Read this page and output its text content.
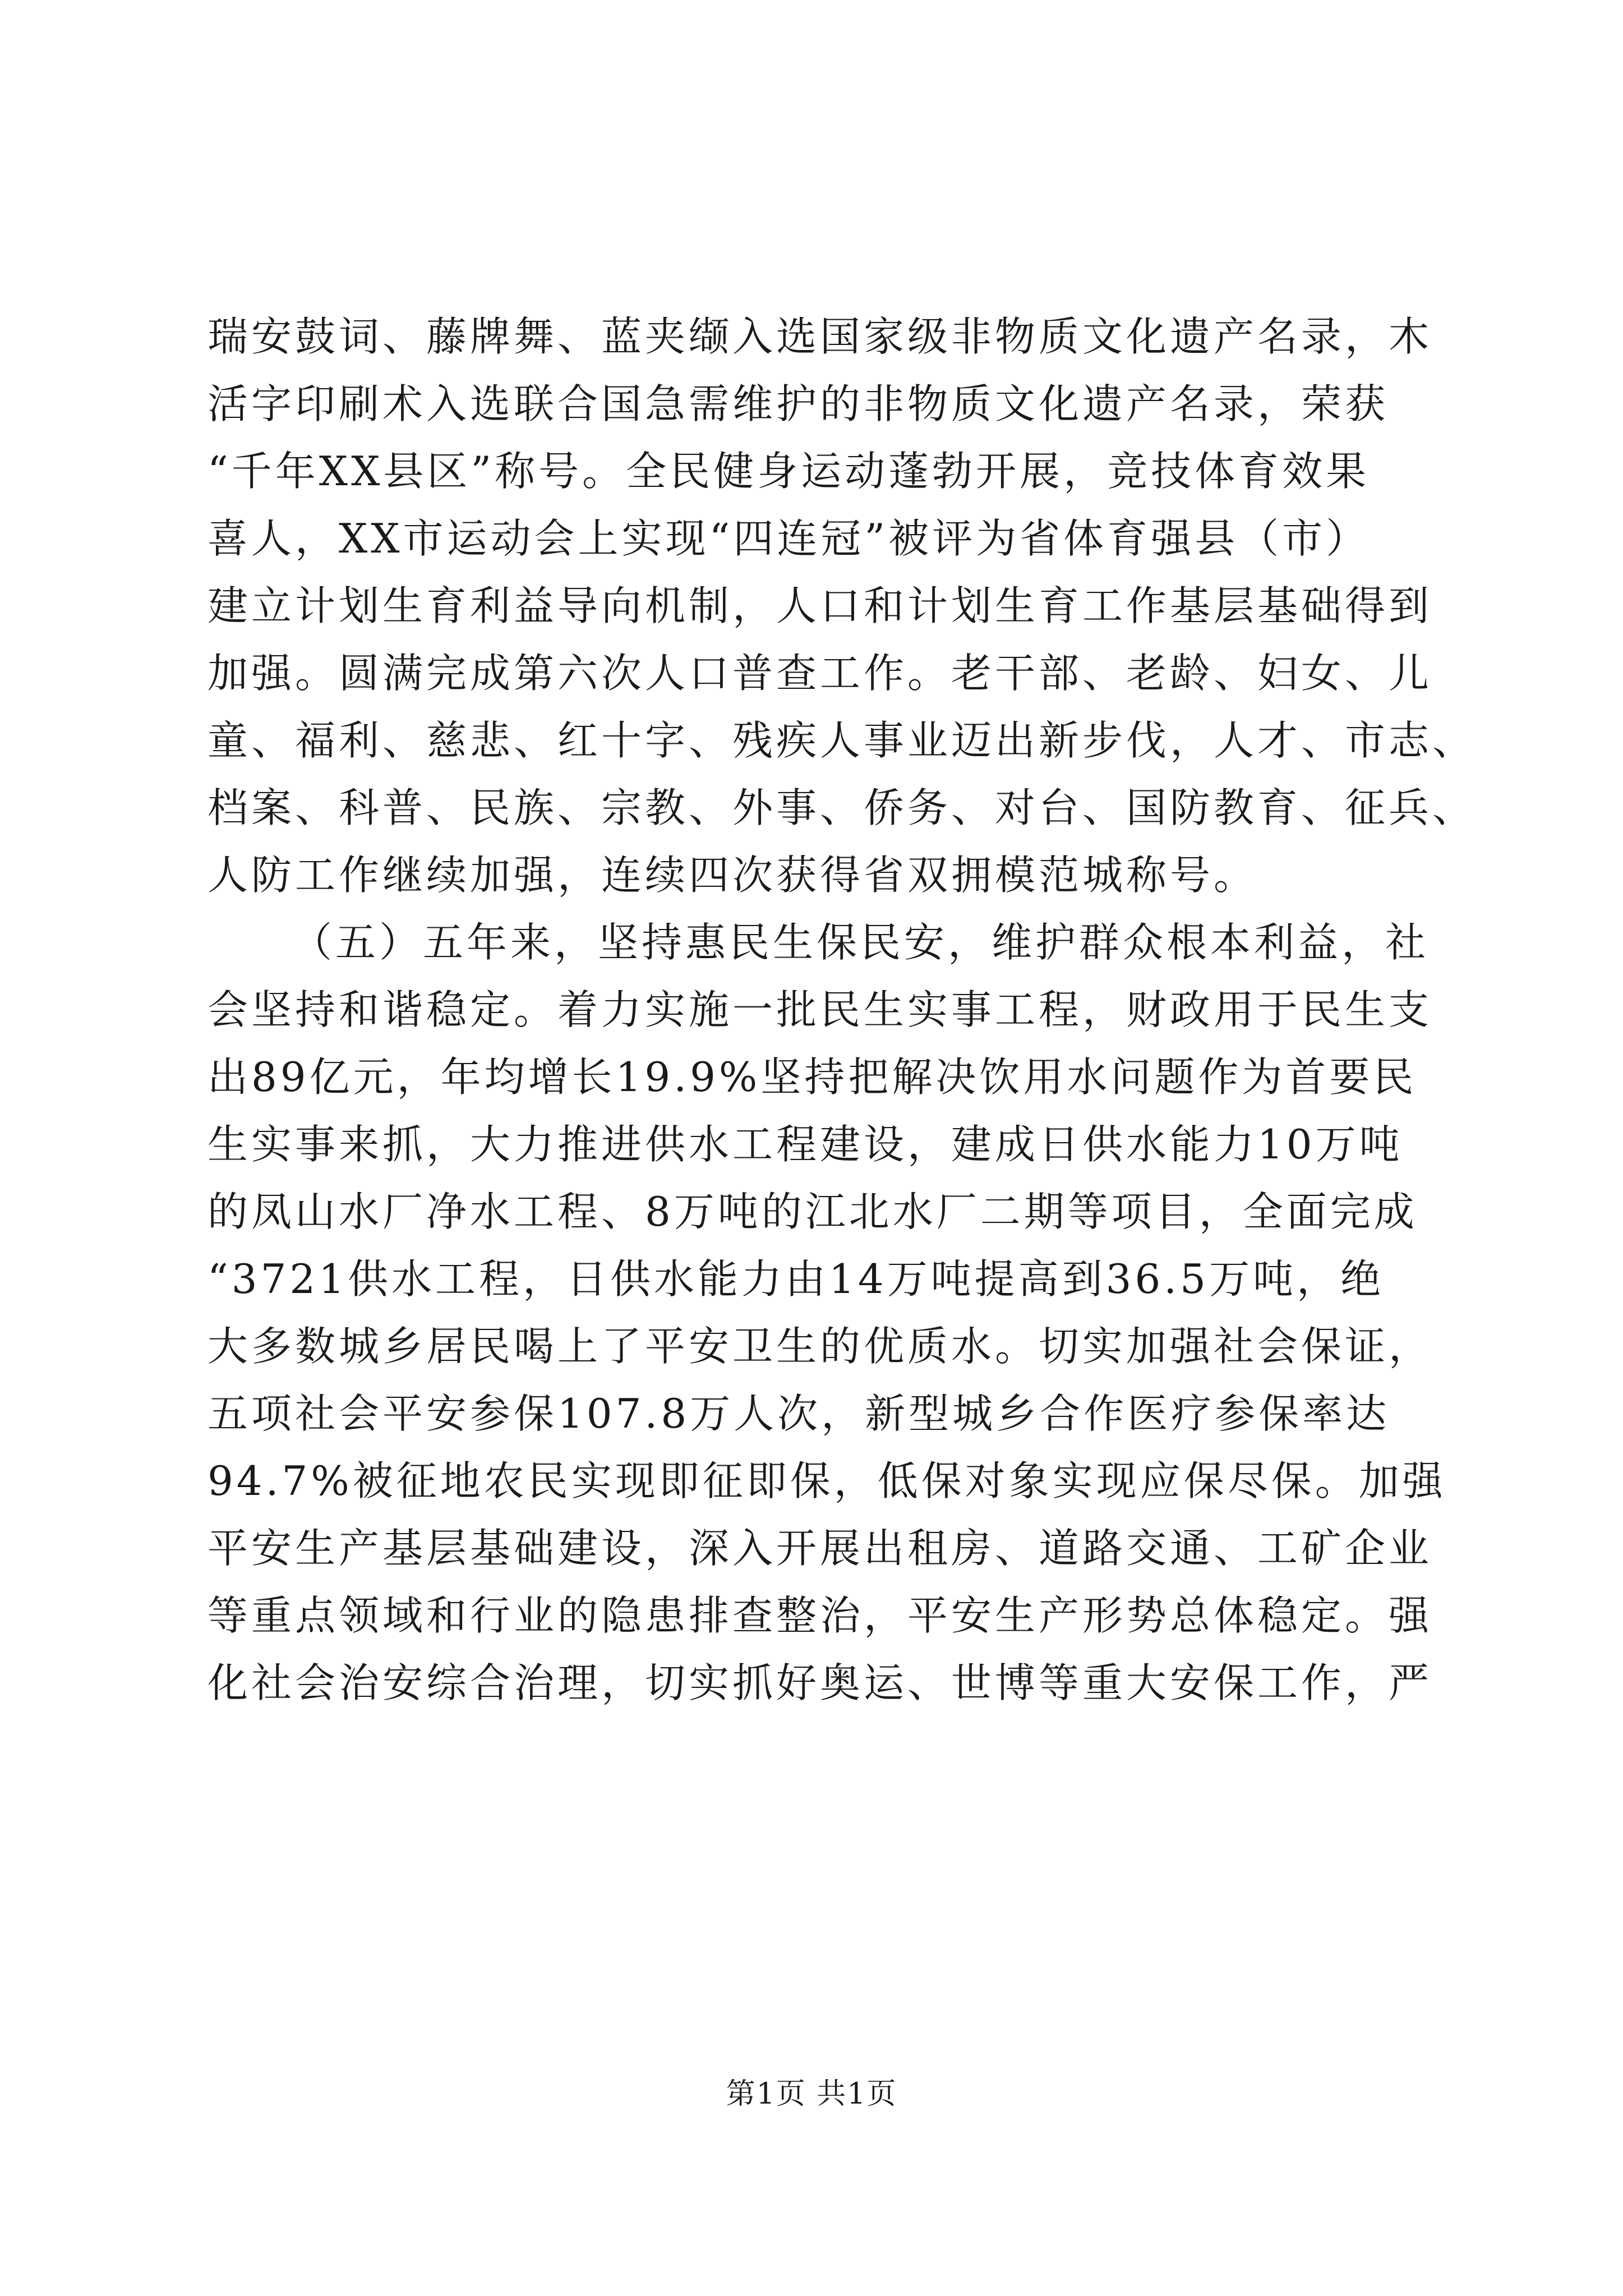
瑞安鼓词、藤牌舞、蓝夹缬入选国家级非物质文化遗产名录，木
活字印刷术入选联合国急需维护的非物质文化遗产名录，荣获
“千年XX县区”称号。全民健身运动蓬勃开展，竞技体育效果
喜人，XX市运动会上实现“四连冠”被评为省体育强县（市）
建立计划生育利益导向机制，人口和计划生育工作基层基础得到
加强。圆满完成第六次人口普查工作。老干部、老龄、妇女、儿
童、福利、慈悲、红十字、残疾人事业迈出新步伐，人才、市志、
档案、科普、民族、宗教、外事、侨务、对台、国防教育、征兵、
人防工作继续加强，连续四次获得省双拥模范城称号。
（五）五年来，坚持惠民生保民安，维护群众根本利益，社
会坚持和谐稳定。着力实施一批民生实事工程，财政用于民生支
出89亿元，年均增长19.9%坚持把解决饮用水问题作为首要民
生实事来抓，大力推进供水工程建设，建成日供水能力10万吨
的凤山水厂净水工程、8万吨的江北水厂二期等项目，全面完成
“3721供水工程，日供水能力由14万吨提高到36.5万吨，绝
大多数城乡居民喝上了平安卫生的优质水。切实加强社会保证，
五项社会平安参保107.8万人次，新型城乡合作医疗参保率达
94.7%被征地农民实现即征即保，低保对象实现应保尽保。加强
平安生产基层基础建设，深入开展出租房、道路交通、工矿企业
等重点领域和行业的隐患排查整治，平安生产形势总体稳定。强
化社会治安综合治理，切实抓好奥运、世博等重大安保工作，严
第1页 共1页
